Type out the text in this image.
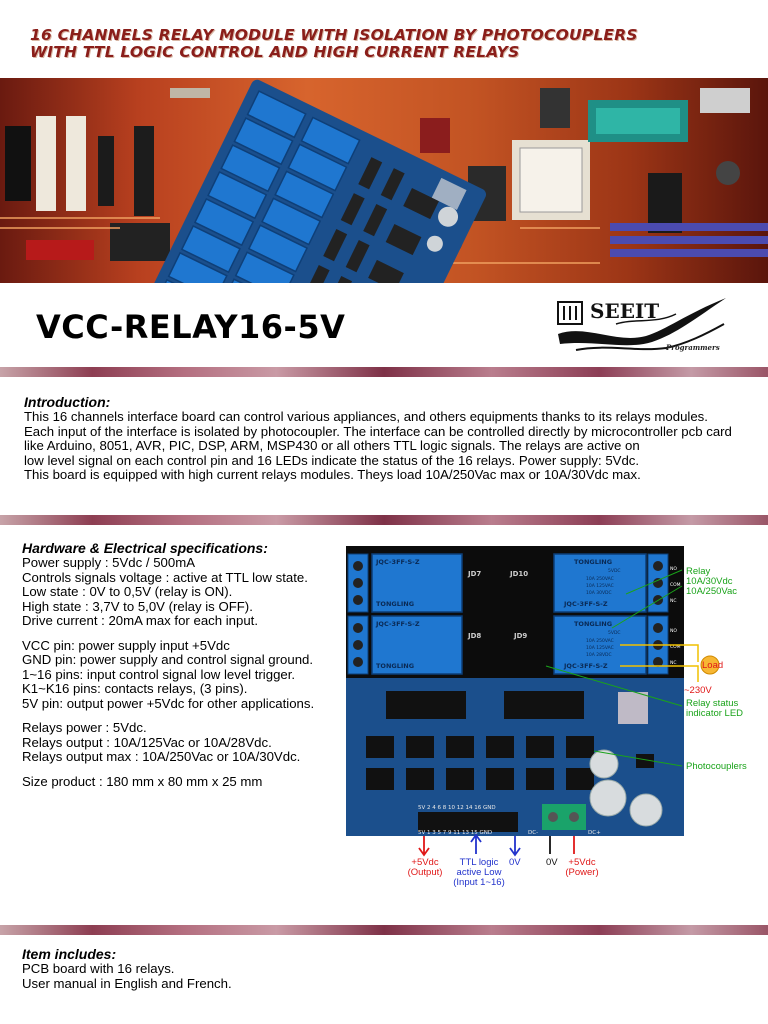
16 CHANNELS RELAY MODULE WITH ISOLATION BY PHOTOCOUPLERS
WITH TTL LOGIC CONTROL AND HIGH CURRENT RELAYS
VCC-RELAY16-5V	SEEIT
Programmers
Introduction:
This 16 channels interface board can control various appliances, and others equipments thanks to its relays modules.
Each input of the interface is isolated by photocoupler. The interface can be controlled directly by microcontroller pcb card
like Arduino, 8051, AVR, PIC, DSP, ARM, MSP430 or all others TTL logic signals. The relays are active on
low level signal on each control pin and 16 LEDs indicate the status of the 16 relays. Power supply: 5Vdc.
This board is equipped with high current relays modules. Theys load 10A/250Vac max or 10A/30Vdc max.
Hardware & Electrical specifications:
Power supply : 5Vdc / 500mA
Controls signals voltage : active at TTL low state.
Low state : 0V to 0,5V (relay is ON).
High state : 3,7V to 5,0V (relay is OFF).
Drive current : 20mA max for each input.
VCC pin: power supply input +5Vdc
GND pin: power supply and control signal ground.
1~16 pins: input control signal low level trigger.
K1~K16 pins: contacts relays, (3 pins).
5V pin: output power +5Vdc for other applications.
Relays power : 5Vdc.
Relays output : 10A/125Vac or 10A/28Vdc.
Relays output max : 10A/250Vac or 10A/30Vdc.
Size product : 180 mm x 80 mm x 25 mm
TONGLING
TONGLING
TONGLING
TONGLING
JQC-3FF-S-Z
JQC-3FF-S-Z
JQC-3FF-S-Z
JQC-3FF-S-Z
5VDC
10A 250VAC
10A 125VAC
10A 30VDC
5VDC
10A 250VAC
10A 125VAC
10A 28VDC
JD7
JD8	JD9
JD10
NO
COM
NC
NO
COM
NC
5V 2 4 6 8 10 12 14 16 GND
5V 1 3 5 7 9 11 13 15 GND	DC-	DC+
Relay
10A/30Vdc
10A/250Vac
Load
~230V
Relay status
indicator LED
Photocouplers
+5Vdc
(Output)
TTL logic
active Low
(Input 1~16)
0V	0V	+5Vdc
(Power)
Item includes:
PCB board with 16 relays.
User manual in English and French.
